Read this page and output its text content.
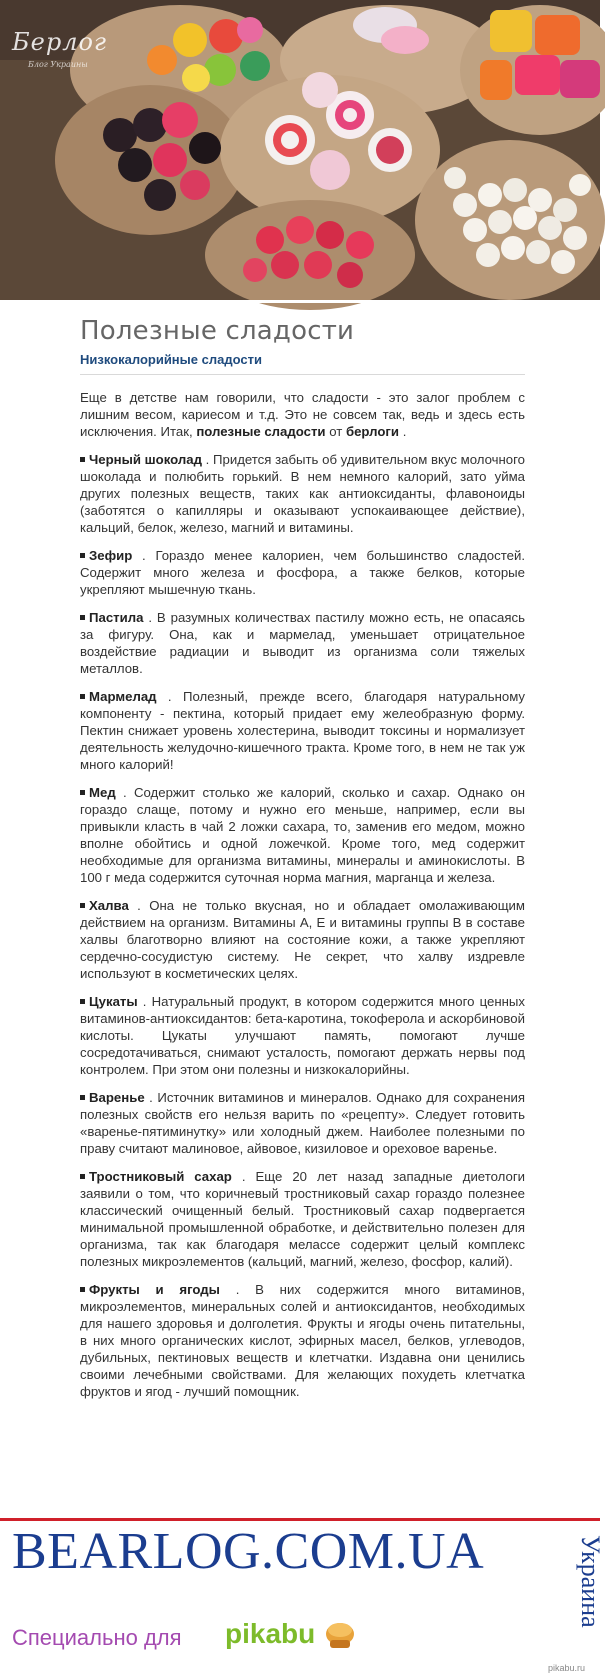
Берлог
Блог Украины
Полезные сладости
Низкокалорийные сладости

Еще в детстве нам говорили, что сладости - это залог проблем с лишним весом, кариесом и т.д. Это не совсем так, ведь и здесь есть исключения. Итак, полезные сладости от берлоги .

Черный шоколад . Придется забыть об удивительном вкус молочного шоколада и полюбить горький. В нем немного калорий, зато уйма других полезных веществ, таких как антиоксиданты, флавоноиды (заботятся о капилляры и оказывают успокаивающее действие), кальций, белок, железо, магний и витамины.

Зефир . Гораздо менее калориен, чем большинство сладостей. Содержит много железа и фосфора, а также белков, которые укрепляют мышечную ткань.

Пастила . В разумных количествах пастилу можно есть, не опасаясь за фигуру. Она, как и мармелад, уменьшает отрицательное воздействие радиации и выводит из организма соли тяжелых металлов.

Мармелад . Полезный, прежде всего, благодаря натуральному компоненту - пектина, который придает ему желеобразную форму. Пектин снижает уровень холестерина, выводит токсины и нормализует деятельность желудочно-кишечного тракта. Кроме того, в нем не так уж много калорий!

Мед . Содержит столько же калорий, сколько и сахар. Однако он гораздо слаще, потому и нужно его меньше, например, если вы привыкли класть в чай 2 ложки сахара, то, заменив его медом, можно вполне обойтись и одной ложечкой. Кроме того, мед содержит необходимые для организма витамины, минералы и аминокислоты. В 100 г меда содержится суточная норма магния, марганца и железа.

Халва . Она не только вкусная, но и обладает омолаживающим действием на организм. Витамины А, Е и витамины группы В в составе халвы благотворно влияют на состояние кожи, а также укрепляют сердечно-сосудистую систему. Не секрет, что халву издревле используют в косметических целях.

Цукаты . Натуральный продукт, в котором содержится много ценных витаминов-антиоксидантов: бета-каротина, токоферола и аскорбиновой кислоты. Цукаты улучшают память, помогают лучше сосредотачиваться, снимают усталость, помогают держать нервы под контролем. При этом они полезны и низкокалорийны.

Варенье . Источник витаминов и минералов. Однако для сохранения полезных свойств его нельзя варить по «рецепту». Следует готовить «варенье-пятиминутку» или холодный джем. Наиболее полезными по праву считают малиновое, айвовое, кизиловое и ореховое варенье.

Тростниковый сахар . Еще 20 лет назад западные диетологи заявили о том, что коричневый тростниковый сахар гораздо полезнее классический очищенный белый. Тростниковый сахар подвергается минимальной промышленной обработке, и действительно полезен для организма, так как благодаря мелассе содержит целый комплекс полезных микроэлементов (кальций, магний, железо, фосфор, калий).

Фрукты и ягоды . В них содержится много витаминов, микроэлементов, минеральных солей и антиоксидантов, необходимых для нашего здоровья и долголетия. Фрукты и ягоды очень питательны, в них много органических кислот, эфирных масел, белков, углеводов, дубильных, пектиновых веществ и клетчатки. Издавна они ценились своими лечебными свойствами. Для желающих похудеть клетчатка фруктов и ягод - лучший помощник.

BEARLOG.COM.UA	Украина
Специально для pikabu
pikabu.ru
